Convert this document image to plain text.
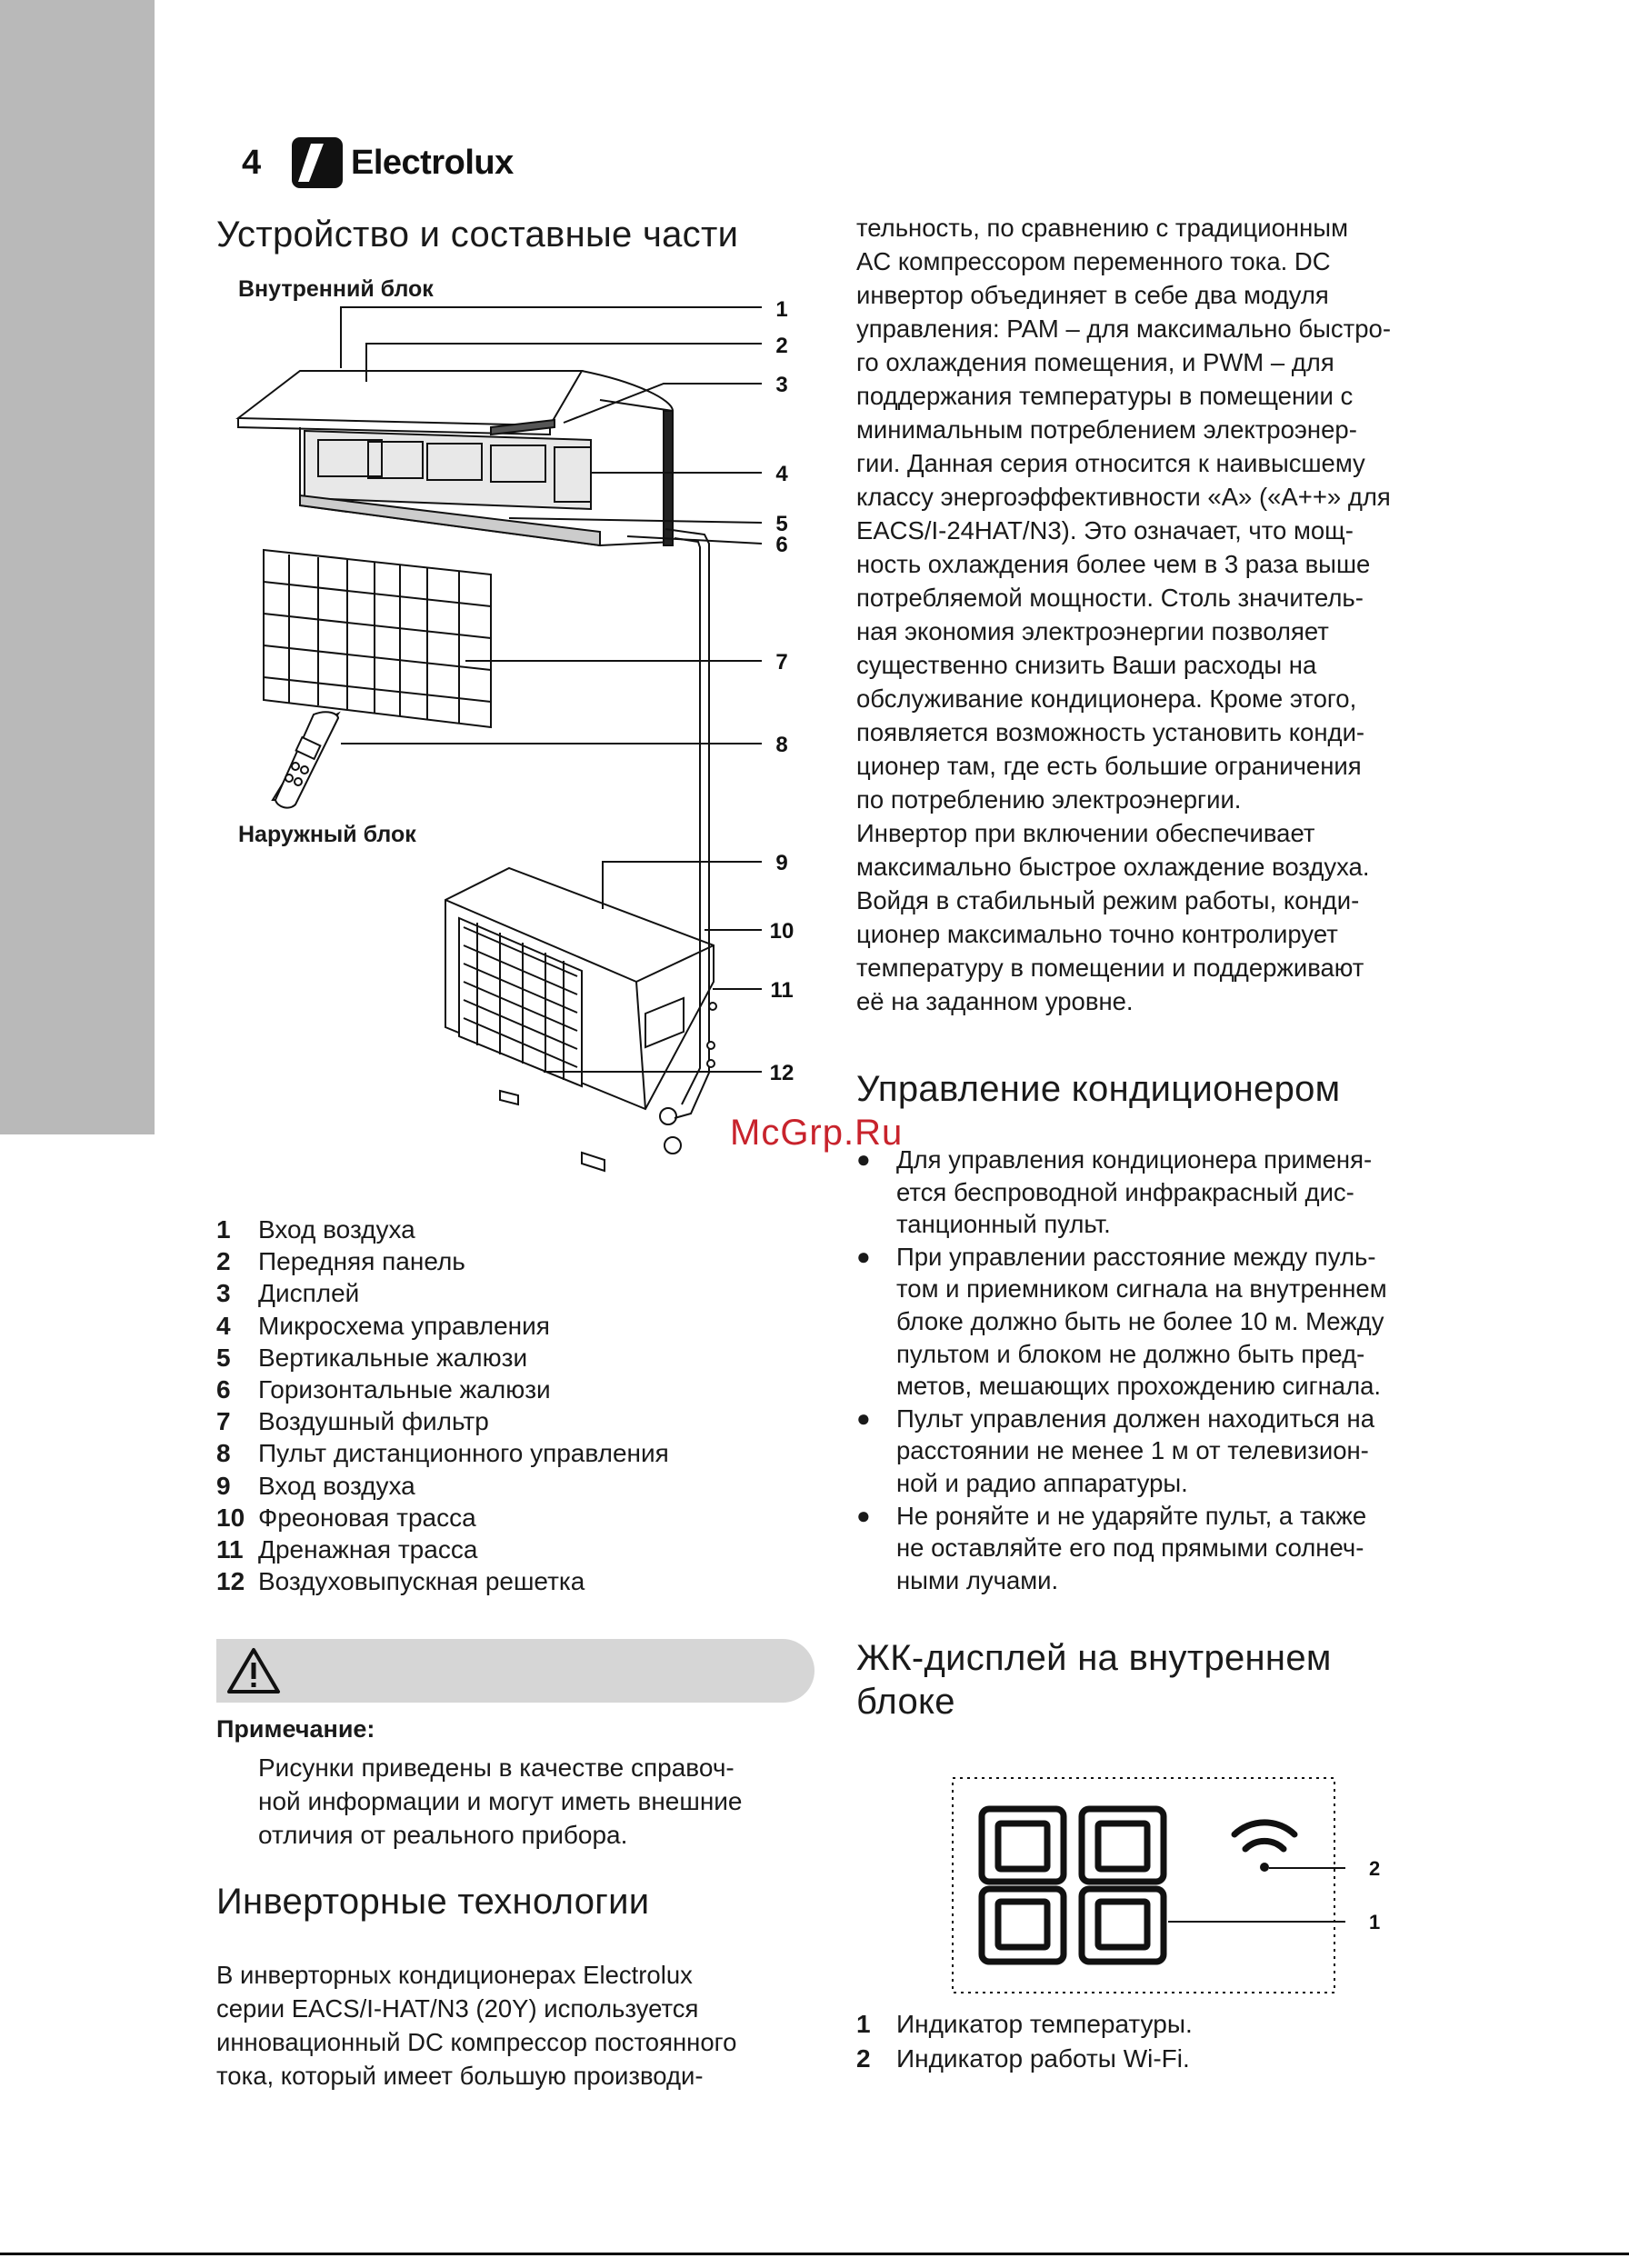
4	Electrolux
Устройство и составные части
Внутренний блок
Наружный блок
1
2
3
4
5
6
7
8
9
10
11
12
1	Вход воздуха
2	Передняя панель
3	Дисплей
4	Микросхема управления
5	Вертикальные жалюзи
6	Горизонтальные жалюзи
7	Воздушный фильтр
8	Пульт дистанционного управления
9	Вход воздуха
10 Фреоновая трасса
11 Дренажная трасса
12 Воздуховыпускная решетка
Примечание:
Рисунки приведены в качестве справоч-
ной информации и могут иметь внешние
отличия от реального прибора.
Инверторные технологии

В инверторных кондиционерах Electrolux

серии EACS/I-HAT/N3 (20Y) используется

инновационный DC компрессор постоянного

тока, который имеет большую производи-

тельность, по сравнению с традиционным

AC компрессором переменного тока. DC

инвертор объединяет в себе два модуля

управления: PAM – для максимально быстро-

го охлаждения помещения, и PWM – для

поддержания температуры в помещении с

минимальным потреблением электроэнер-

гии. Данная серия относится к наивысшему

классу энергоэффективности «А» («А++» для

EACS/I-24HAT/N3). Это означает, что мощ-

ность охлаждения более чем в 3 раза выше

потребляемой мощности. Столь значитель-

ная экономия электроэнергии позволяет

существенно снизить Ваши расходы на

обслуживание кондиционера. Кроме этого,

появляется возможность установить конди-

ционер там, где есть большие ограничения

по потреблению электроэнергии.

Инвертор при включении обеспечивает

максимально быстрое охлаждение воздуха.

Войдя в стабильный режим работы, конди-

ционер максимально точно контролирует

температуру в помещении и поддерживают

её на заданном уровне.

Управление кондиционером
McGrp.Ru
●	Для управления кондиционера применя-
ется беспроводной инфракрасный дис-
танционный пульт.
●	При управлении расстояние между пуль-
том и приемником сигнала на внутреннем
блоке должно быть не более 10 м. Между
пультом и блоком не должно быть пред-
метов, мешающих прохождению сигнала.
●	Пульт управления должен находиться на
расстоянии не менее 1 м от телевизион-
ной и радио аппаратуры.
●	Не роняйте и не ударяйте пульт, а также
не оставляйте его под прямыми солнеч-
ными лучами.
ЖК-дисплей на внутреннем
блоке
2
1
1	Индикатор температуры.
2	Индикатор работы Wi-Fi.
